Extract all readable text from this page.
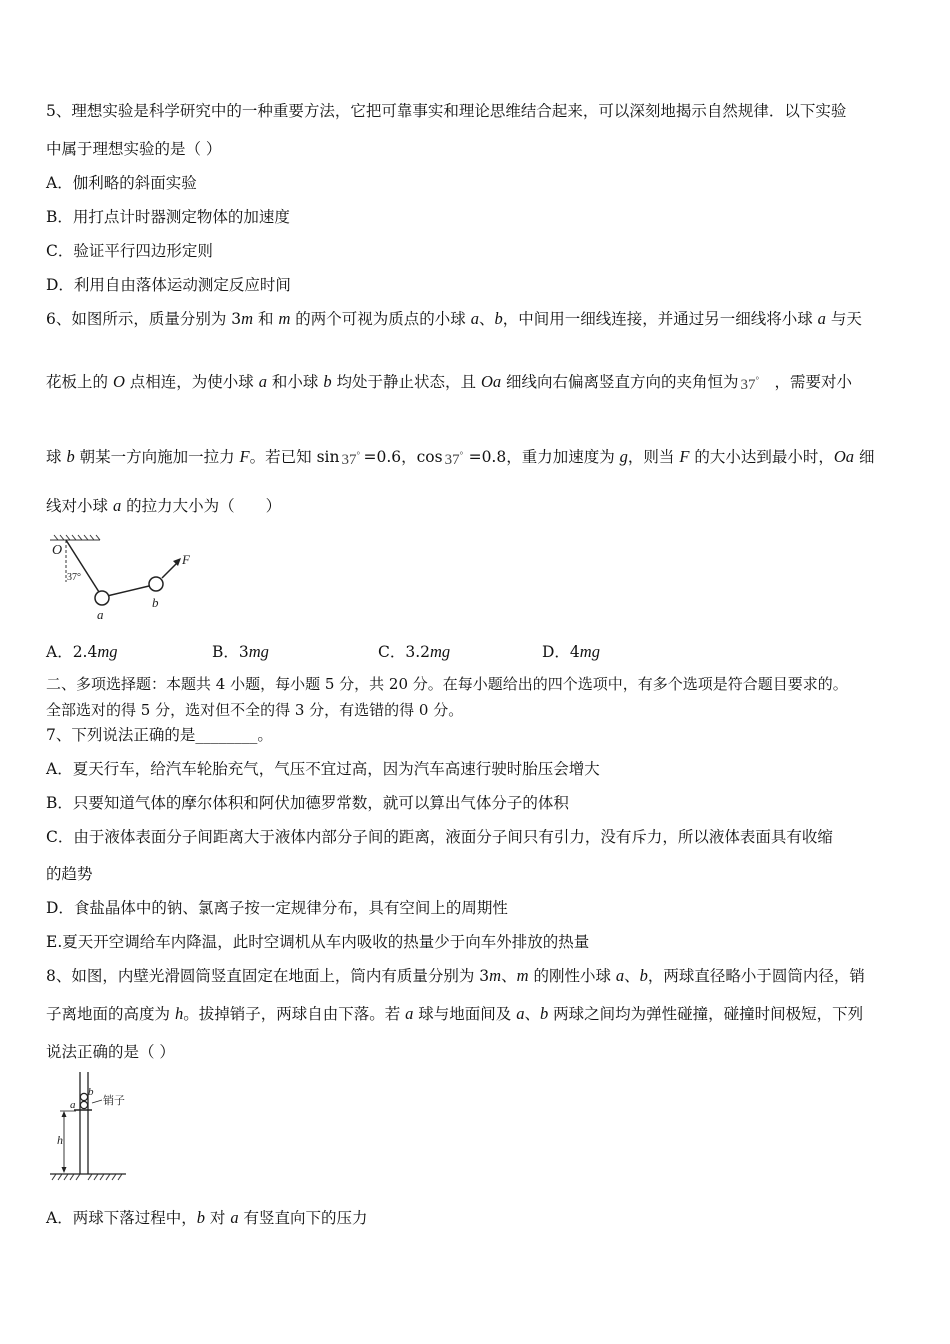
5、理想实验是科学研究中的一种重要方法，它把可靠事实和理论思维结合起来，可以深刻地揭示自然规律．以下实验
中属于理想实验的是（ ）
A．伽利略的斜面实验
B．用打点计时器测定物体的加速度
C．验证平行四边形定则
D．利用自由落体运动测定反应时间
6、如图所示，质量分别为 3m 和 m 的两个可视为质点的小球 a、b，中间用一细线连接，并通过另一细线将小球 a 与天
花板上的 O 点相连，为使小球 a 和小球 b 均处于静止状态，且 Oa 细线向右偏离竖直方向的夹角恒为 37° ，需要对小
球 b 朝某一方向施加一拉力 F。若已知 sin 37° =0.6，cos 37° =0.8，重力加速度为 g，则当 F 的大小达到最小时，Oa 细
线对小球 a 的拉力大小为（　　）
O
37°
a
b
F
A．2.4mg	B．3mg	C．3.2mg	D．4mg
二、多项选择题：本题共 4 小题，每小题 5 分，共 20 分。在每小题给出的四个选项中，有多个选项是符合题目要求的。
全部选对的得 5 分，选对但不全的得 3 分，有选错的得 0 分。
7、下列说法正确的是________。
A．夏天行车，给汽车轮胎充气，气压不宜过高，因为汽车高速行驶时胎压会增大
B．只要知道气体的摩尔体积和阿伏加德罗常数，就可以算出气体分子的体积
C．由于液体表面分子间距离大于液体内部分子间的距离，液面分子间只有引力，没有斥力，所以液体表面具有收缩
的趋势
D．食盐晶体中的钠、氯离子按一定规律分布，具有空间上的周期性
E.夏天开空调给车内降温，此时空调机从车内吸收的热量少于向车外排放的热量
8、如图，内壁光滑圆筒竖直固定在地面上，筒内有质量分别为 3m、m 的刚性小球 a、b，两球直径略小于圆筒内径，销
子离地面的高度为 h。拔掉销子，两球自由下落。若 a 球与地面间及 a、b 两球之间均为弹性碰撞，碰撞时间极短，下列
说法正确的是（ ）
销子
b
a
h
A．两球下落过程中，b 对 a 有竖直向下的压力
